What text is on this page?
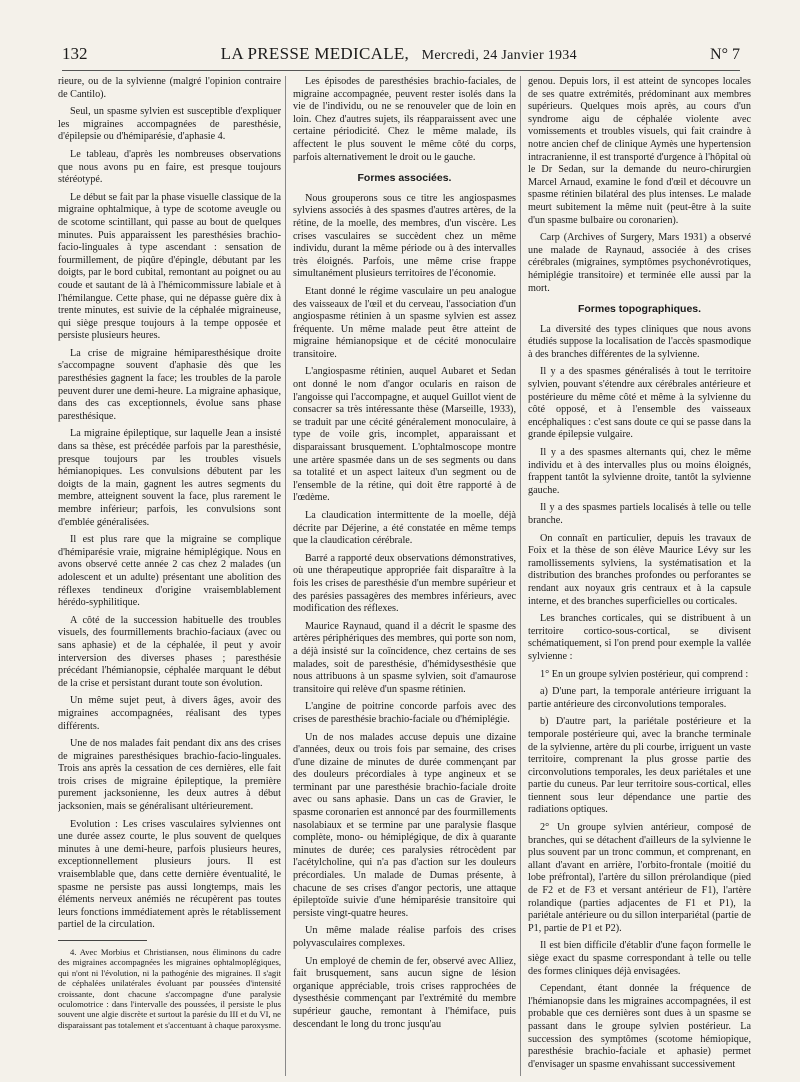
132	LA PRESSE MEDICALE, Mercredi, 24 Janvier 1934	N° 7

rieure, ou de la sylvienne (malgré l'opinion contraire de Cantilo).

Seul, un spasme sylvien est susceptible d'expliquer les migraines accompagnées de paresthésie, d'épilepsie ou d'hémiparésie, d'aphasie 4.

Le tableau, d'après les nombreuses observations que nous avons pu en faire, est presque toujours stéréotypé.

Le début se fait par la phase visuelle classique de la migraine ophtalmique, à type de scotome aveugle ou de scotome scintillant, qui passe au bout de quelques minutes. Puis apparaissent les paresthésies brachio-facio-linguales à type ascendant : sensation de fourmillement, de piqûre d'épingle, débutant par les doigts, par le bord cubital, remontant au poignet ou au coude et sautant de là à l'hémicommissure labiale et à l'hémilangue. Cette phase, qui ne dépasse guère dix à trente minutes, est suivie de la céphalée migraineuse, qui siège presque toujours à la tempe opposée et persiste plusieurs heures.

La crise de migraine hémiparesthésique droite s'accompagne souvent d'aphasie dès que les paresthésies gagnent la face; les troubles de la parole peuvent durer une demi-heure. La migraine aphasique, dans des cas exceptionnels, évolue sans phase paresthésique.

La migraine épileptique, sur laquelle Jean a insisté dans sa thèse, est précédée parfois par la paresthésie, presque toujours par les troubles visuels hémianopiques. Les convulsions débutent par les doigts de la main, gagnent les autres segments du membre, atteignent souvent la face, plus rarement le membre inférieur; parfois, les convulsions sont d'emblée généralisées.

Il est plus rare que la migraine se complique d'hémiparésie vraie, migraine hémiplégique. Nous en avons observé cette année 2 cas chez 2 malades (un adolescent et un adulte) présentant une abolition des réflexes tendineux d'origine vraisemblablement hérédo-syphilitique.

A côté de la succession habituelle des troubles visuels, des fourmillements brachio-faciaux (avec ou sans aphasie) et de la céphalée, il peut y avoir interversion des diverses phases ; paresthésie précédant l'hémianopsie, céphalée marquant le début de la crise et persistant durant toute son évolution.

Un même sujet peut, à divers âges, avoir des migraines accompagnées, réalisant des types différents.

Une de nos malades fait pendant dix ans des crises de migraines paresthésiques brachio-facio-linguales. Trois ans après la cessation de ces dernières, elle fait trois crises de migraine épileptique, la première purement jacksonienne, les deux autres à début jacksonien, mais se généralisant ultérieurement.

Evolution : Les crises vasculaires sylviennes ont une durée assez courte, le plus souvent de quelques minutes à une demi-heure, parfois plusieurs heures, exceptionnellement plusieurs jours. Il est vraisemblable que, dans cette dernière éventualité, le spasme ne persiste pas aussi longtemps, mais les éléments nerveux anémiés ne récupèrent pas toutes leurs fonctions immédiatement après le rétablissement partiel de la circulation.

4. Avec Morbius et Christiansen, nous éliminons du cadre des migraines accompagnées les migraines ophtalmoplégiques, qui n'ont ni l'évolution, ni la pathogénie des migraines. Il s'agit de céphalées unilatérales évoluant par poussées d'intensité croissante, dont chacune s'accompagne d'une paralysie oculomotrice : dans l'intervalle des poussées, il persiste le plus souvent une algie discrète et surtout la parésie du III et du VI, ne disparaissant pas totalement et s'accentuant à chaque paroxysme.

Les épisodes de paresthésies brachio-faciales, de migraine accompagnée, peuvent rester isolés dans la vie de l'individu, ou ne se renouveler que de loin en loin. Chez d'autres sujets, ils réapparaissent avec une certaine périodicité. Chez le même malade, ils affectent le plus souvent le même côté du corps, parfois alternativement le droit ou le gauche.

Formes associées.

Nous grouperons sous ce titre les angiospasmes sylviens associés à des spasmes d'autres artères, de la rétine, de la moelle, des membres, d'un viscère. Les crises vasculaires se succèdent chez un même individu, durant la même période ou à des intervalles très éloignés. Parfois, une même crise frappe simultanément plusieurs territoires de l'économie.

Etant donné le régime vasculaire un peu analogue des vaisseaux de l'œil et du cerveau, l'association d'un angiospasme rétinien à un spasme sylvien est assez fréquente. Un même malade peut être atteint de migraine hémianopsique et de cécité monoculaire transitoire.

L'angiospasme rétinien, auquel Aubaret et Sedan ont donné le nom d'angor ocularis en raison de l'angoisse qui l'accompagne, et auquel Guillot vient de consacrer sa très intéressante thèse (Marseille, 1933), se traduit par une cécité généralement monoculaire, à type de voile gris, incomplet, apparaissant et disparaissant brusquement. L'ophtalmoscope montre une artère spasmée dans un de ses segments ou dans sa totalité et un aspect laiteux d'un segment ou de l'ensemble de la rétine, qui doit être rapporté à de l'œdème.

La claudication intermittente de la moelle, déjà décrite par Déjerine, a été constatée en même temps que la claudication cérébrale.

Barré a rapporté deux observations démonstratives, où une thérapeutique appropriée fait disparaître à la fois les crises de paresthésie d'un membre supérieur et des parésies passagères des membres inférieurs, avec modification des réflexes.

Maurice Raynaud, quand il a décrit le spasme des artères périphériques des membres, qui porte son nom, a déjà insisté sur la coïncidence, chez certains de ses malades, soit de paresthésie, d'hémidysesthésie que nous attribuons à un spasme sylvien, soit d'amaurose transitoire qui relève d'un spasme rétinien.

L'angine de poitrine concorde parfois avec des crises de paresthésie brachio-faciale ou d'hémiplégie.

Un de nos malades accuse depuis une dizaine d'années, deux ou trois fois par semaine, des crises d'une dizaine de minutes de durée commençant par des douleurs précordiales à type angineux et se terminant par une paresthésie brachio-faciale droite avec ou sans aphasie. Dans un cas de Gravier, le spasme coronarien est annoncé par des fourmillements nasolabiaux et se termine par une paralysie flasque complète, mono- ou hémiplégique, de dix à quarante minutes de durée; ces paralysies rétrocèdent par l'acétylcholine, qui n'a pas d'action sur les douleurs précordiales. Un malade de Dumas présente, à chacune de ses crises d'angor pectoris, une attaque épileptoïde suivie d'une hémiparésie transitoire qui persiste vingt-quatre heures.

Un même malade réalise parfois des crises polyvasculaires complexes.

Un employé de chemin de fer, observé avec Alliez, fait brusquement, sans aucun signe de lésion organique appréciable, trois crises rapprochées de dysesthésie commençant par l'extrémité du membre supérieur gauche, remontant à l'hémiface, puis descendant le long du tronc jusqu'au

genou. Depuis lors, il est atteint de syncopes locales de ses quatre extrémités, prédominant aux membres supérieurs. Quelques mois après, au cours d'un syndrome aigu de céphalée violente avec vomissements et troubles visuels, qui fait craindre à notre ancien chef de clinique Aymès une hypertension intracranienne, il est transporté d'urgence à l'hôpital où le Dr Sedan, sur la demande du neuro-chirurgien Marcel Arnaud, examine le fond d'œil et découvre un spasme rétinien bilatéral des plus intenses. Le malade meurt subitement la même nuit (peut-être à la suite d'un spasme bulbaire ou coronarien).

Carp (Archives of Surgery, Mars 1931) a observé une malade de Raynaud, associée à des crises cérébrales (migraines, symptômes psychonévrotiques, hémiplégie transitoire) et terminée elle aussi par la mort.

Formes topographiques.

La diversité des types cliniques que nous avons étudiés suppose la localisation de l'accès spasmodique à des branches différentes de la sylvienne.

Il y a des spasmes généralisés à tout le territoire sylvien, pouvant s'étendre aux cérébrales antérieure et postérieure du même côté et même à la sylvienne du côté opposé, et à l'ensemble des vaisseaux encéphaliques : c'est sans doute ce qui se passe dans la grande épilepsie vulgaire.

Il y a des spasmes alternants qui, chez le même individu et à des intervalles plus ou moins éloignés, frappent tantôt la sylvienne droite, tantôt la sylvienne gauche.

Il y a des spasmes partiels localisés à telle ou telle branche.

On connaît en particulier, depuis les travaux de Foix et la thèse de son élève Maurice Lévy sur les ramollissements sylviens, la systématisation et la distribution des branches profondes ou perforantes se rendant aux noyaux gris centraux et à la capsule interne, et des branches superficielles ou corticales.

Les branches corticales, qui se distribuent à un territoire cortico-sous-cortical, se divisent schématiquement, si l'on prend pour exemple la vallée sylvienne :

1° En un groupe sylvien postérieur, qui comprend :

a) D'une part, la temporale antérieure irriguant la partie antérieure des circonvolutions temporales.

b) D'autre part, la pariétale postérieure et la temporale postérieure qui, avec la branche terminale de la sylvienne, artère du pli courbe, irriguent un vaste territoire, comprenant la plus grosse partie des circonvolutions temporales, les deux pariétales et une partie du cuneus. Par leur territoire sous-cortical, elles tiennent sous leur dépendance une partie des radiations optiques.

2° Un groupe sylvien antérieur, composé de branches, qui se détachent d'ailleurs de la sylvienne le plus souvent par un tronc commun, et comprenant, en allant d'avant en arrière, l'orbito-frontale (moitié du lobe préfrontal), l'artère du sillon prérolandique (pied de F2 et de F3 et versant antérieur de F1), l'artère rolandique (parties adjacentes de F1 et P1), la pariétale antérieure ou du sillon interpariétal (partie de P1, partie de P1 et P2).

Il est bien difficile d'établir d'une façon formelle le siège exact du spasme correspondant à telle ou telle des formes cliniques déjà envisagées.

Cependant, étant donnée la fréquence de l'hémianopsie dans les migraines accompagnées, il est probable que ces dernières sont dues à un spasme se passant dans le groupe sylvien postérieur. La succession des symptômes (scotome hémiopique, paresthésie brachio-faciale et aphasie) permet d'envisager un spasme envahissant successivement
